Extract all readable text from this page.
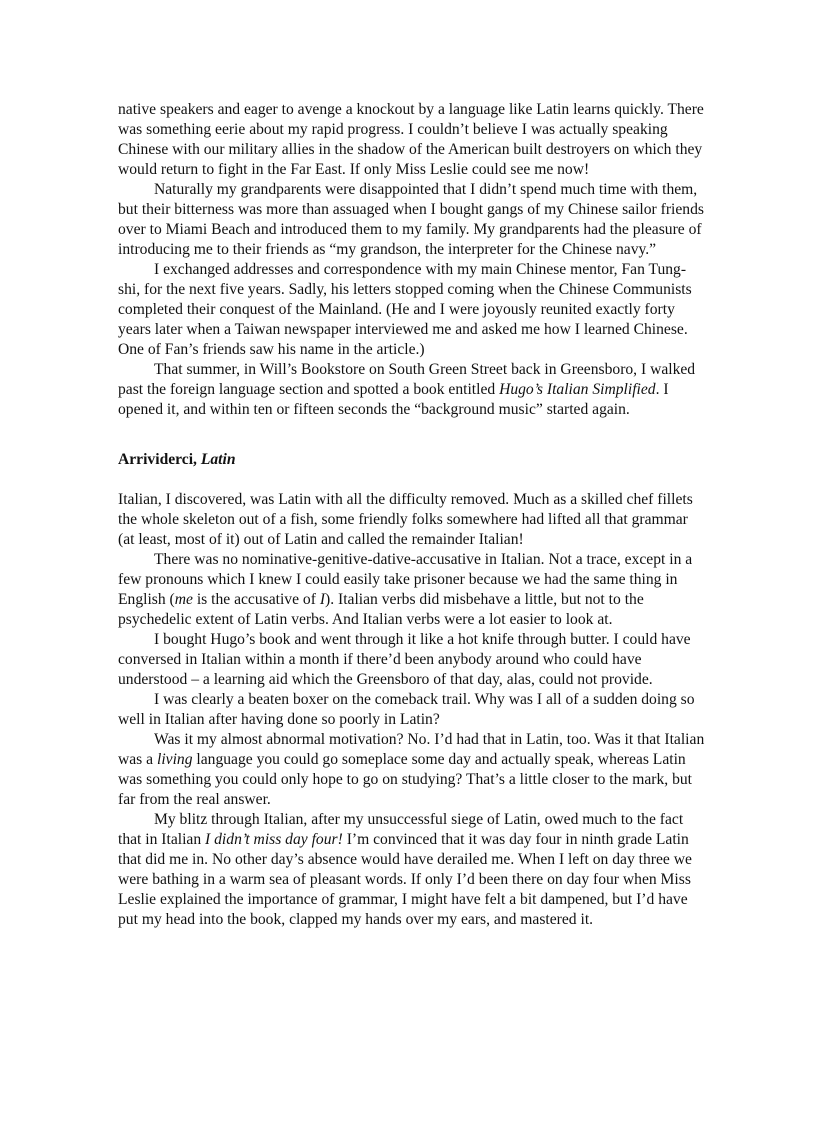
native speakers and eager to avenge a knockout by a language like Latin learns quickly. There was something eerie about my rapid progress. I couldn’t believe I was actually speaking Chinese with our military allies in the shadow of the American built destroyers on which they would return to fight in the Far East. If only Miss Leslie could see me now!

Naturally my grandparents were disappointed that I didn’t spend much time with them, but their bitterness was more than assuaged when I bought gangs of my Chinese sailor friends over to Miami Beach and introduced them to my family. My grandparents had the pleasure of introducing me to their friends as “my grandson, the interpreter for the Chinese navy.”

I exchanged addresses and correspondence with my main Chinese mentor, Fan Tung-shi, for the next five years. Sadly, his letters stopped coming when the Chinese Communists completed their conquest of the Mainland. (He and I were joyously reunited exactly forty years later when a Taiwan newspaper interviewed me and asked me how I learned Chinese. One of Fan’s friends saw his name in the article.)

That summer, in Will’s Bookstore on South Green Street back in Greensboro, I walked past the foreign language section and spotted a book entitled Hugo’s Italian Simplified. I opened it, and within ten or fifteen seconds the “background music” started again.

Arrividerci, Latin

Italian, I discovered, was Latin with all the difficulty removed. Much as a skilled chef fillets the whole skeleton out of a fish, some friendly folks somewhere had lifted all that grammar (at least, most of it) out of Latin and called the remainder Italian!

There was no nominative-genitive-dative-accusative in Italian. Not a trace, except in a few pronouns which I knew I could easily take prisoner because we had the same thing in English (me is the accusative of I). Italian verbs did misbehave a little, but not to the psychedelic extent of Latin verbs. And Italian verbs were a lot easier to look at.

I bought Hugo’s book and went through it like a hot knife through butter. I could have conversed in Italian within a month if there’d been anybody around who could have understood – a learning aid which the Greensboro of that day, alas, could not provide.

I was clearly a beaten boxer on the comeback trail. Why was I all of a sudden doing so well in Italian after having done so poorly in Latin?

Was it my almost abnormal motivation? No. I’d had that in Latin, too. Was it that Italian was a living language you could go someplace some day and actually speak, whereas Latin was something you could only hope to go on studying? That’s a little closer to the mark, but far from the real answer.

My blitz through Italian, after my unsuccessful siege of Latin, owed much to the fact that in Italian I didn’t miss day four! I’m convinced that it was day four in ninth grade Latin that did me in. No other day’s absence would have derailed me. When I left on day three we were bathing in a warm sea of pleasant words. If only I’d been there on day four when Miss Leslie explained the importance of grammar, I might have felt a bit dampened, but I’d have put my head into the book, clapped my hands over my ears, and mastered it.
